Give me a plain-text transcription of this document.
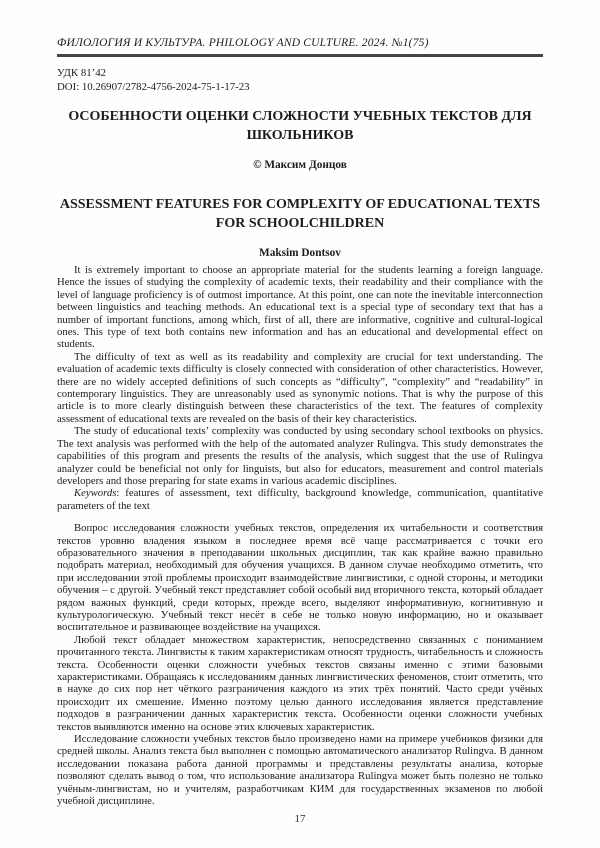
ФИЛОЛОГИЯ И КУЛЬТУРА. PHILOLOGY AND CULTURE. 2024. №1(75)
УДК 81’42
DOI: 10.26907/2782-4756-2024-75-1-17-23
ОСОБЕННОСТИ ОЦЕНКИ СЛОЖНОСТИ УЧЕБНЫХ ТЕКСТОВ ДЛЯ ШКОЛЬНИКОВ
© Максим Донцов
ASSESSMENT FEATURES FOR COMPLEXITY OF EDUCATIONAL TEXTS FOR SCHOOLCHILDREN
Maksim Dontsov

It is extremely important to choose an appropriate material for the students learning a foreign language. Hence the issues of studying the complexity of academic texts, their readability and their compliance with the level of language proficiency is of outmost importance. At this point, one can note the inevitable interconnection between linguistics and teaching methods. An educational text is a special type of secondary text that has a number of important functions, among which, first of all, there are informative, cognitive and cultural-logical ones. This type of text both contains new information and has an educational and developmental effect on students.

The difficulty of text as well as its readability and complexity are crucial for text understanding. The evaluation of academic texts difficulty is closely connected with consideration of other characteristics. However, there are no widely accepted definitions of such concepts as “difficulty”, “complexity” and “readability” in contemporary linguistics. They are unreasonably used as synonymic notions. That is why the purpose of this article is to more clearly distinguish between these characteristics of the text. The features of complexity assessment of educational texts are revealed on the basis of their key characteristics.

The study of educational texts’ complexity was conducted by using secondary school textbooks on physics. The text analysis was performed with the help of the automated analyzer Rulingva. This study demonstrates the capabilities of this program and presents the results of the analysis, which suggest that the use of Rulingva analyzer could be beneficial not only for linguists, but also for educators, measurement and control materials developers and those preparing for state exams in various academic disciplines.

Keywords: features of assessment, text difficulty, background knowledge, communication, quantitative parameters of the text

Вопрос исследования сложности учебных текстов, определения их читабельности и соответствия текстов уровню владения языком в последнее время всё чаще рассматривается с точки его образовательного значения в преподавании школьных дисциплин, так как крайне важно правильно подобрать материал, необходимый для обучения учащихся. В данном случае необходимо отметить, что при исследовании этой проблемы происходит взаимодействие лингвистики, с одной стороны, и методики обучения – с другой. Учебный текст представляет собой особый вид вторичного текста, который обладает рядом важных функций, среди которых, прежде всего, выделяют информативную, когнитивную и культурологическую. Учебный текст несёт в себе не только новую информацию, но и оказывает воспитательное и развивающее воздействие на учащихся.

Любой текст обладает множеством характеристик, непосредственно связанных с пониманием прочитанного текста. Лингвисты к таким характеристикам относят трудность, читабельность и сложность текста. Особенности оценки сложности учебных текстов связаны именно с этими базовыми характеристиками. Обращаясь к исследованиям данных лингвистических феноменов, стоит отметить, что в науке до сих пор нет чёткого разграничения каждого из этих трёх понятий. Часто среди учёных происходит их смешение. Именно поэтому целью данного исследования является представление подходов в разграничении данных характеристик текста. Особенности оценки сложности учебных текстов выявляются именно на основе этих ключевых характеристик.

Исследование сложности учебных текстов было произведено нами на примере учебников физики для средней школы. Анализ текста был выполнен с помощью автоматического анализатор Rulingva. В данном исследовании показана работа данной программы и представлены результаты анализа, которые позволяют сделать вывод о том, что использование анализатора Rulingva может быть полезно не только учёным-лингвистам, но и учителям, разработчикам КИМ для государственных экзаменов по любой учебной дисциплине.

17
